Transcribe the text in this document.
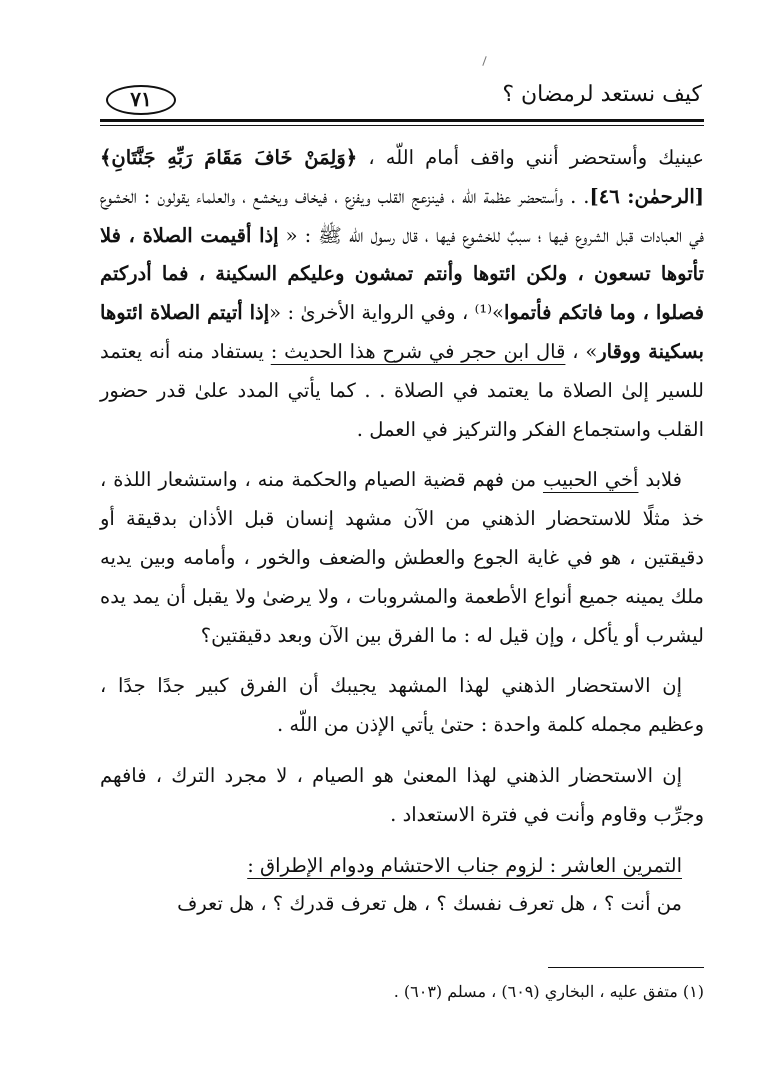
كيف نستعد لرمضان ؟
٧١

عينيك وأستحضر أنني واقف أمام اللّه ، ﴿وَلِمَنْ خَافَ مَقَامَ رَبِّهِ جَنَّتَانِ﴾ [الرحمٰن: ٤٦]. . وأستحضر عظمة اللّه ، فينزعج القلب ويفزع ، فيخاف ويخشع ، والعلماء يقولون : الخشوع في العبادات قبل الشروع فيها ؛ سببٌ للخشوع فيها ، قال رسول اللّه ﷺ : « إذا أقيمت الصلاة ، فلا تأتوها تسعون ، ولكن ائتوها وأنتم تمشون وعليكم السكينة ، فما أدركتم فصلوا ، وما فاتكم فأتموا»⁽¹⁾ ، وفي الرواية الأخرىٰ : «إذا أتيتم الصلاة ائتوها بسكينة ووقار» ، قال ابن حجر في شرح هذا الحديث : يستفاد منه أنه يعتمد للسير إلىٰ الصلاة ما يعتمد في الصلاة . . كما يأتي المدد علىٰ قدر حضور القلب واستجماع الفكر والتركيز في العمل .

فلابد أخي الحبيب من فهم قضية الصيام والحكمة منه ، واستشعار اللذة ، خذ مثلًا للاستحضار الذهني من الآن مشهد إنسان قبل الأذان بدقيقة أو دقيقتين ، هو في غاية الجوع والعطش والضعف والخور ، وأمامه وبين يديه ملك يمينه جميع أنواع الأطعمة والمشروبات ، ولا يرضىٰ ولا يقبل أن يمد يده ليشرب أو يأكل ، وإن قيل له : ما الفرق بين الآن وبعد دقيقتين؟

إن الاستحضار الذهني لهذا المشهد يجيبك أن الفرق كبير جدًا جدًا ، وعظيم مجمله كلمة واحدة : حتىٰ يأتي الإذن من اللّه .

إن الاستحضار الذهني لهذا المعنىٰ هو الصيام ، لا مجرد الترك ، فافهم وجرِّب وقاوم وأنت في فترة الاستعداد .

التمرين العاشر : لزوم جناب الاحتشام ودوام الإطراق :

من أنت ؟ ، هل تعرف نفسك ؟ ، هل تعرف قدرك ؟ ، هل تعرف

(١) متفق عليه ، البخاري (٦٠٩) ، مسلم (٦٠٣) .
